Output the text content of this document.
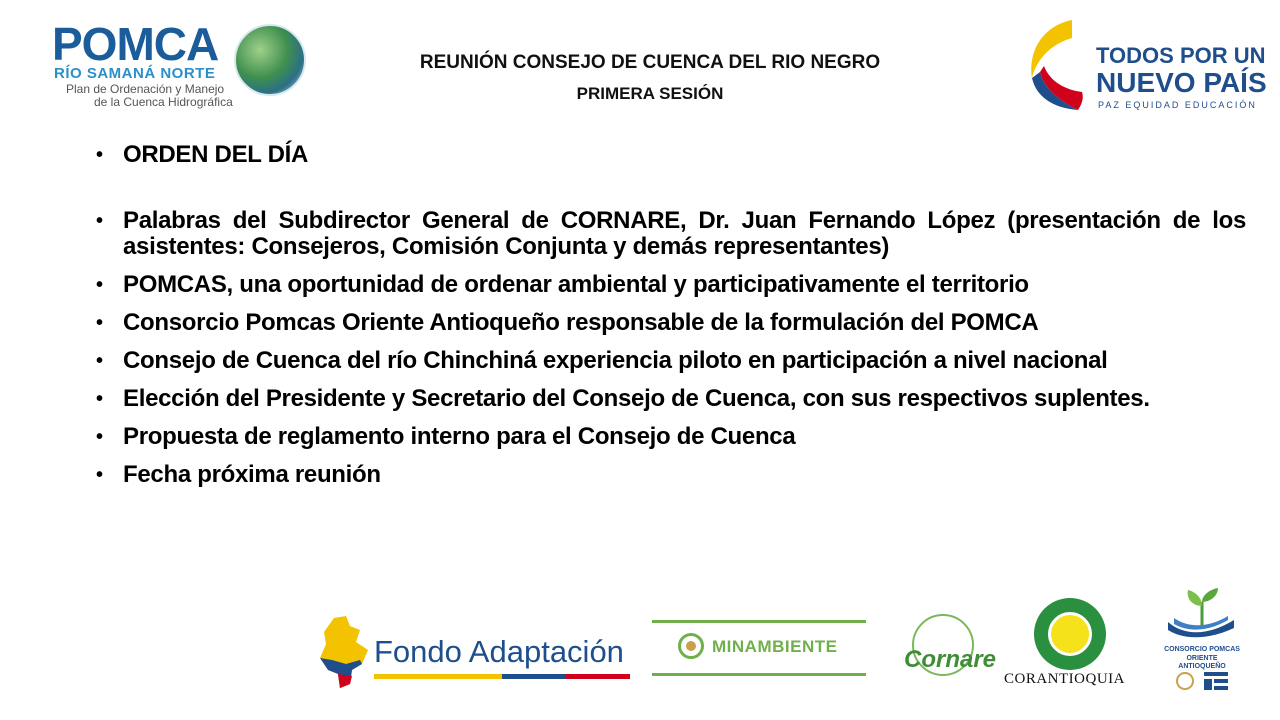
POMCA
RÍO SAMANÁ NORTE
Plan de Ordenación y Manejo
de la Cuenca Hidrográfica
REUNIÓN CONSEJO DE CUENCA DEL RIO NEGRO
PRIMERA SESIÓN
TODOS POR UN
NUEVO PAÍS
PAZ EQUIDAD EDUCACIÓN
• ORDEN DEL DÍA
• Palabras del Subdirector General de CORNARE, Dr. Juan Fernando López (presentación de los asistentes: Consejeros, Comisión Conjunta y demás representantes)
• POMCAS, una oportunidad de ordenar ambiental y participativamente el territorio
• Consorcio Pomcas Oriente Antioqueño responsable de la formulación del POMCA
• Consejo de Cuenca del río Chinchiná experiencia piloto en participación a nivel nacional
• Elección del Presidente y Secretario del Consejo de Cuenca, con sus respectivos suplentes.
• Propuesta de reglamento interno para el Consejo de Cuenca
• Fecha próxima reunión
Fondo Adaptación	MINAMBIENTE	Cornare
CORANTIOQUIA
CONSORCIO POMCAS
ORIENTE ANTIOQUEÑO
